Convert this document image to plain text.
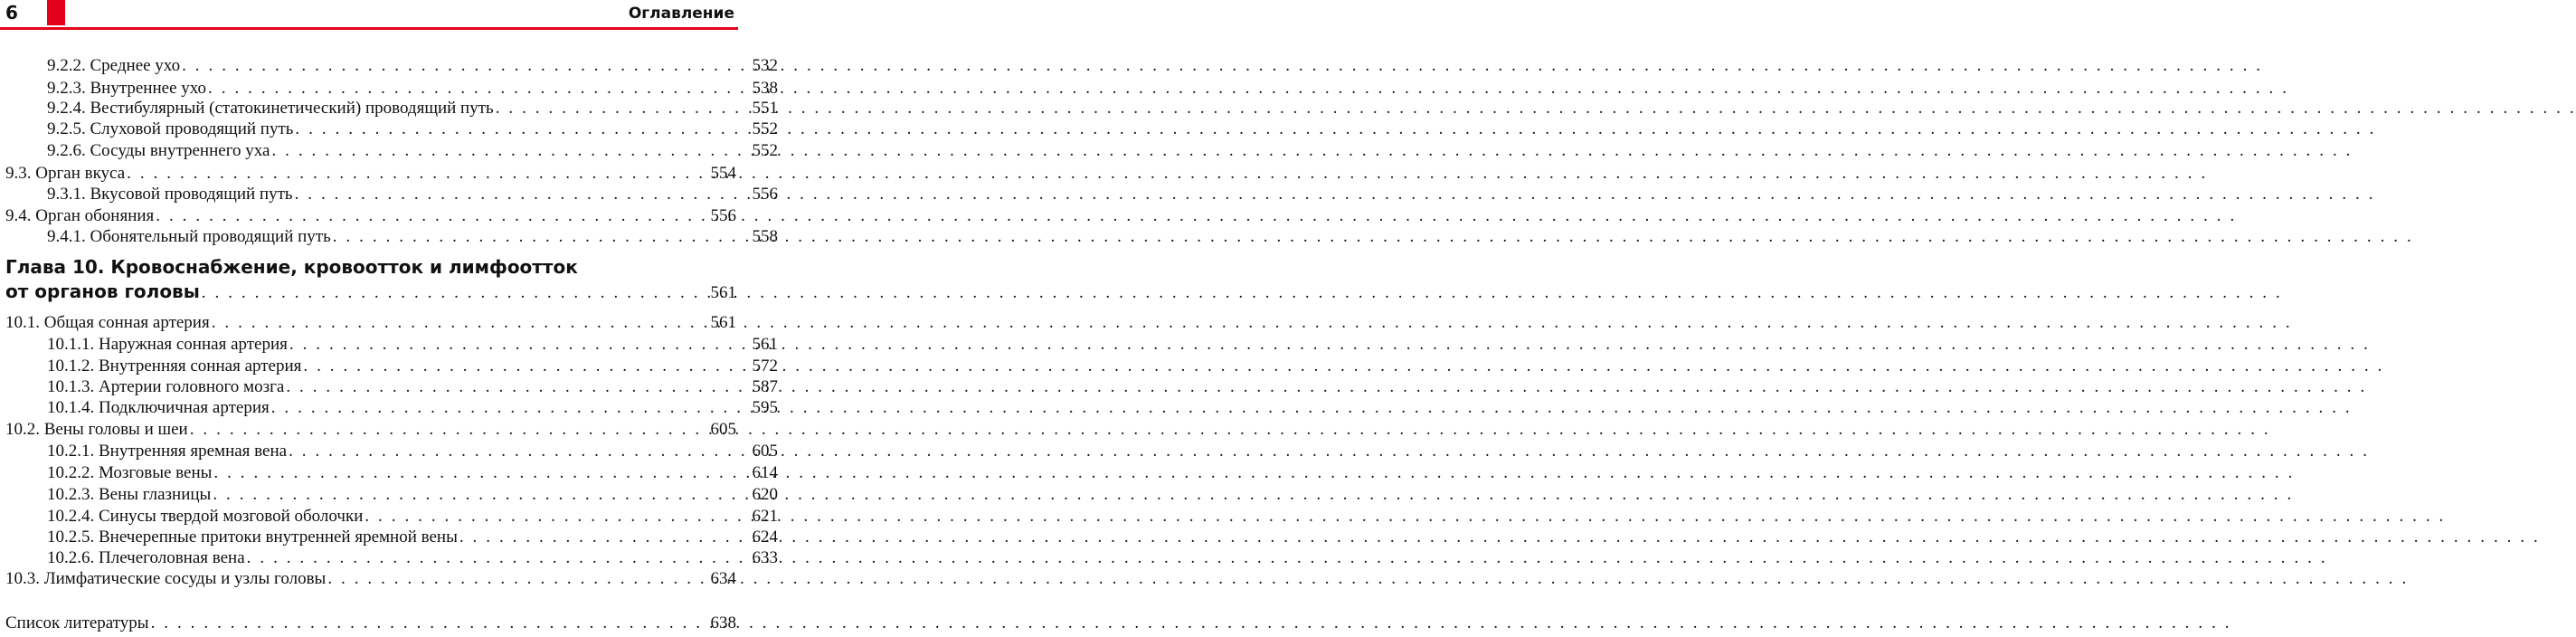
6	Оглавление
9.2.2. Среднее ухо . . .	532
9.2.3. Внутреннее ухо . . .	538
9.2.4. Вестибулярный (статокинетический) проводящий путь . . .	551
9.2.5. Слуховой проводящий путь . . .	552
9.2.6. Сосуды внутреннего уха . . .	552
9.3. Орган вкуса . . .	554
9.3.1. Вкусовой проводящий путь . . .	556
9.4. Орган обоняния . . .	556
9.4.1. Обонятельный проводящий путь . . .	558
Глава 10. Кровоснабжение, кровоотток и лимфоотток
от органов головы . . .	561
10.1. Общая сонная артерия . . .	561
10.1.1. Наружная сонная артерия . . .	561
10.1.2. Внутренняя сонная артерия . . .	572
10.1.3. Артерии головного мозга . . .	587
10.1.4. Подключичная артерия . . .	595
10.2. Вены головы и шеи . . .	605
10.2.1. Внутренняя яремная вена . . .	605
10.2.2. Мозговые вены . . .	614
10.2.3. Вены глазницы . . .	620
10.2.4. Синусы твердой мозговой оболочки . . .	621
10.2.5. Внечерепные притоки внутренней яремной вены . . .	624
10.2.6. Плечеголовная вена . . .	633
10.3. Лимфатические сосуды и узлы головы . . .	634
Список литературы . . .	638
